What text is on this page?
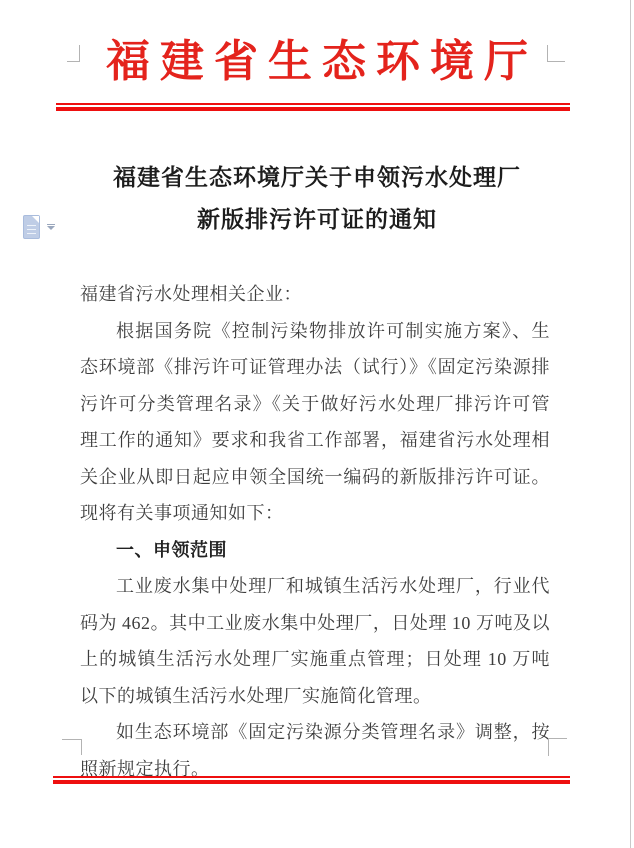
福建省生态环境厅
福建省生态环境厅关于申领污水处理厂
新版排污许可证的通知

福建省污水处理相关企业：

根据国务院《控制污染物排放许可制实施方案》、生态环境部《排污许可证管理办法（试行）》《固定污染源排污许可分类管理名录》《关于做好污水处理厂排污许可管理工作的通知》要求和我省工作部署，福建省污水处理相关企业从即日起应申领全国统一编码的新版排污许可证。现将有关事项通知如下：

一、申领范围

工业废水集中处理厂和城镇生活污水处理厂，行业代码为 462。其中工业废水集中处理厂，日处理 10 万吨及以上的城镇生活污水处理厂实施重点管理；日处理 10 万吨以下的城镇生活污水处理厂实施简化管理。

如生态环境部《固定污染源分类管理名录》调整，按照新规定执行。
